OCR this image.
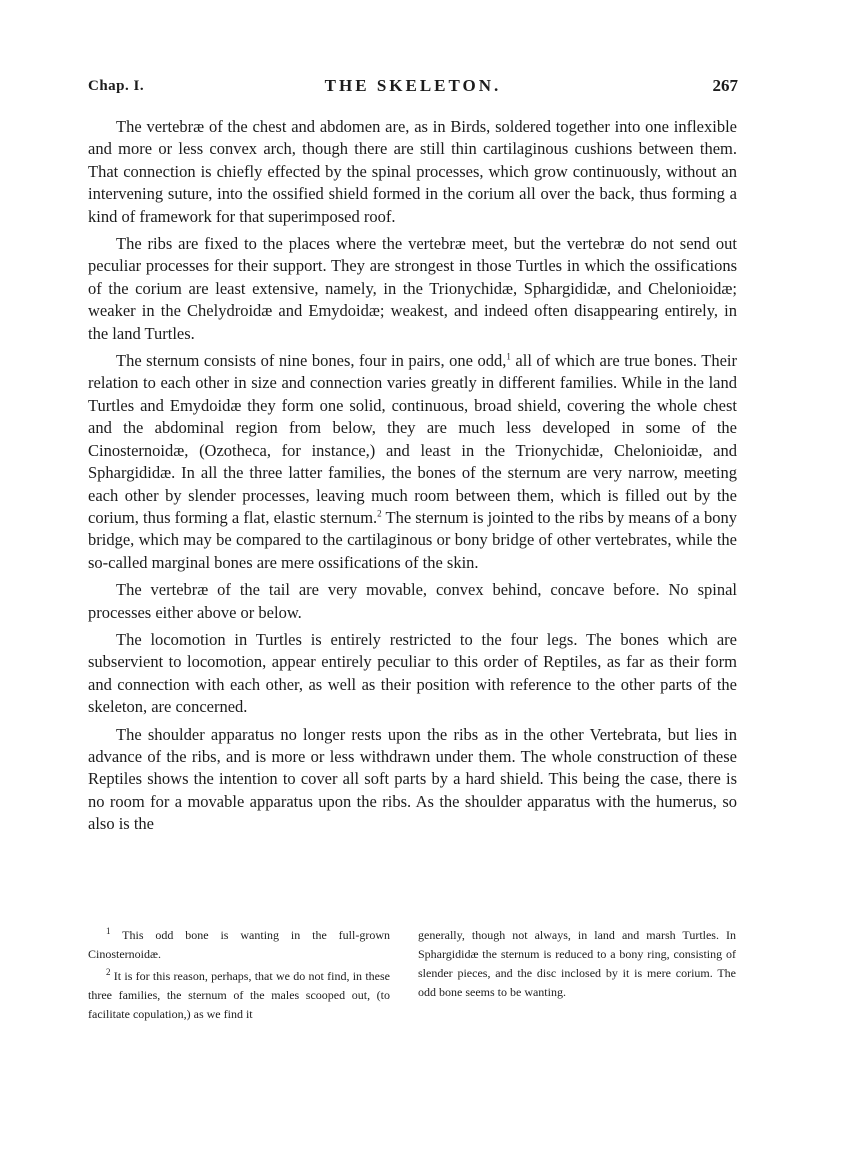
Chap. I.	THE SKELETON.	267

The vertebræ of the chest and abdomen are, as in Birds, soldered together into one inflexible and more or less convex arch, though there are still thin cartilaginous cushions between them. That connection is chiefly effected by the spinal processes, which grow continuously, without an intervening suture, into the ossified shield formed in the corium all over the back, thus forming a kind of framework for that superimposed roof.

The ribs are fixed to the places where the vertebræ meet, but the vertebræ do not send out peculiar processes for their support. They are strongest in those Turtles in which the ossifications of the corium are least extensive, namely, in the Trionychidæ, Sphargididæ, and Chelonioidæ; weaker in the Chelydroidæ and Emydoidæ; weakest, and indeed often disappearing entirely, in the land Turtles.

The sternum consists of nine bones, four in pairs, one odd,$^1$ all of which are true bones. Their relation to each other in size and connection varies greatly in different families. While in the land Turtles and Emydoidæ they form one solid, continuous, broad shield, covering the whole chest and the abdominal region from below, they are much less developed in some of the Cinosternoidæ, (Ozotheca, for instance,) and least in the Trionychidæ, Chelonioidæ, and Sphargididæ. In all the three latter families, the bones of the sternum are very narrow, meeting each other by slender processes, leaving much room between them, which is filled out by the corium, thus forming a flat, elastic sternum.$^2$ The sternum is jointed to the ribs by means of a bony bridge, which may be compared to the cartilaginous or bony bridge of other vertebrates, while the so-called marginal bones are mere ossifications of the skin.

The vertebræ of the tail are very movable, convex behind, concave before. No spinal processes either above or below.

The locomotion in Turtles is entirely restricted to the four legs. The bones which are subservient to locomotion, appear entirely peculiar to this order of Reptiles, as far as their form and connection with each other, as well as their position with reference to the other parts of the skeleton, are concerned.

The shoulder apparatus no longer rests upon the ribs as in the other Vertebrata, but lies in advance of the ribs, and is more or less withdrawn under them. The whole construction of these Reptiles shows the intention to cover all soft parts by a hard shield. This being the case, there is no room for a movable apparatus upon the ribs. As the shoulder apparatus with the humerus, so also is the

$^1$ This odd bone is wanting in the full-grown Cinosternoidæ.

$^2$ It is for this reason, perhaps, that we do not find, in these three families, the sternum of the males scooped out, (to facilitate copulation,) as we find it

generally, though not always, in land and marsh Turtles. In Sphargididæ the sternum is reduced to a bony ring, consisting of slender pieces, and the disc inclosed by it is mere corium. The odd bone seems to be wanting.
